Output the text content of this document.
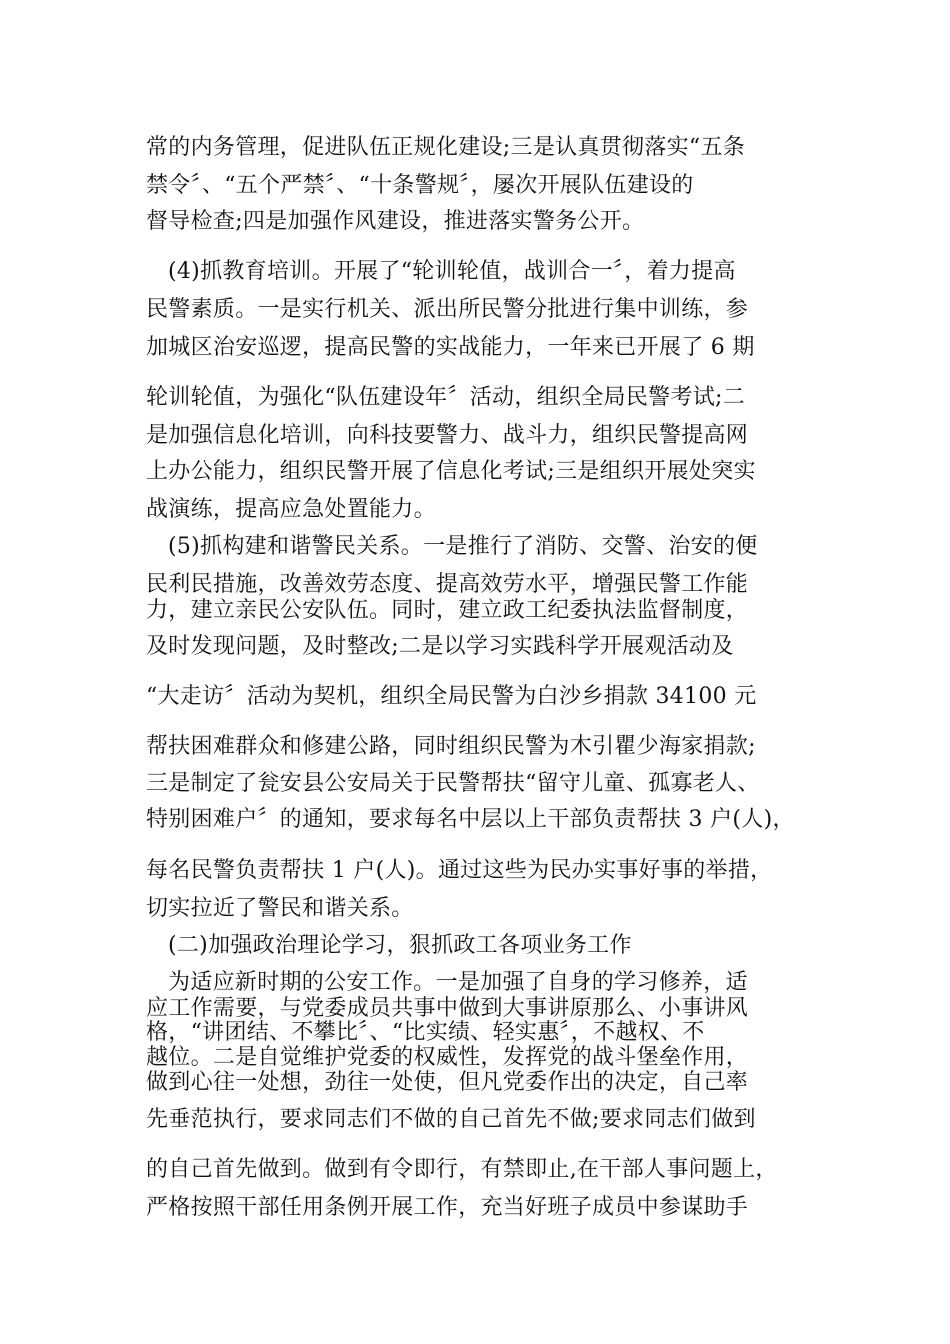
常的内务管理，促进队伍正规化建设;三是认真贯彻落实“五条
禁令〞、“五个严禁〞、“十条警规〞，屡次开展队伍建设的
督导检查;四是加强作风建设，推进落实警务公开。
(4)抓教育培训。开展了“轮训轮值，战训合一〞，着力提高
民警素质。一是实行机关、派出所民警分批进行集中训练，参
加城区治安巡逻，提高民警的实战能力，一年来已开展了 6 期
轮训轮值，为强化“队伍建设年〞活动，组织全局民警考试;二
是加强信息化培训，向科技要警力、战斗力，组织民警提高网
上办公能力，组织民警开展了信息化考试;三是组织开展处突实
战演练，提高应急处置能力。
(5)抓构建和谐警民关系。一是推行了消防、交警、治安的便
民利民措施，改善效劳态度、提高效劳水平，增强民警工作能
力，建立亲民公安队伍。同时，建立政工纪委执法监督制度，
及时发现问题，及时整改;二是以学习实践科学开展观活动及
“大走访〞活动为契机，组织全局民警为白沙乡捐款 34100 元
帮扶困难群众和修建公路，同时组织民警为木引瞿少海家捐款;
三是制定了瓮安县公安局关于民警帮扶“留守儿童、孤寡老人、
特别困难户〞的通知，要求每名中层以上干部负责帮扶 3 户(人)，
每名民警负责帮扶 1 户(人)。通过这些为民办实事好事的举措，
切实拉近了警民和谐关系。
(二)加强政治理论学习，狠抓政工各项业务工作
为适应新时期的公安工作。一是加强了自身的学习修养，适
应工作需要，与党委成员共事中做到大事讲原那么、小事讲风
格，“讲团结、不攀比〞、“比实绩、轻实惠〞，不越权、不
越位。二是自觉维护党委的权威性，发挥党的战斗堡垒作用，
做到心往一处想，劲往一处使，但凡党委作出的决定，自己率
先垂范执行，要求同志们不做的自己首先不做;要求同志们做到
的自己首先做到。做到有令即行，有禁即止,在干部人事问题上，
严格按照干部任用条例开展工作，充当好班子成员中参谋助手
